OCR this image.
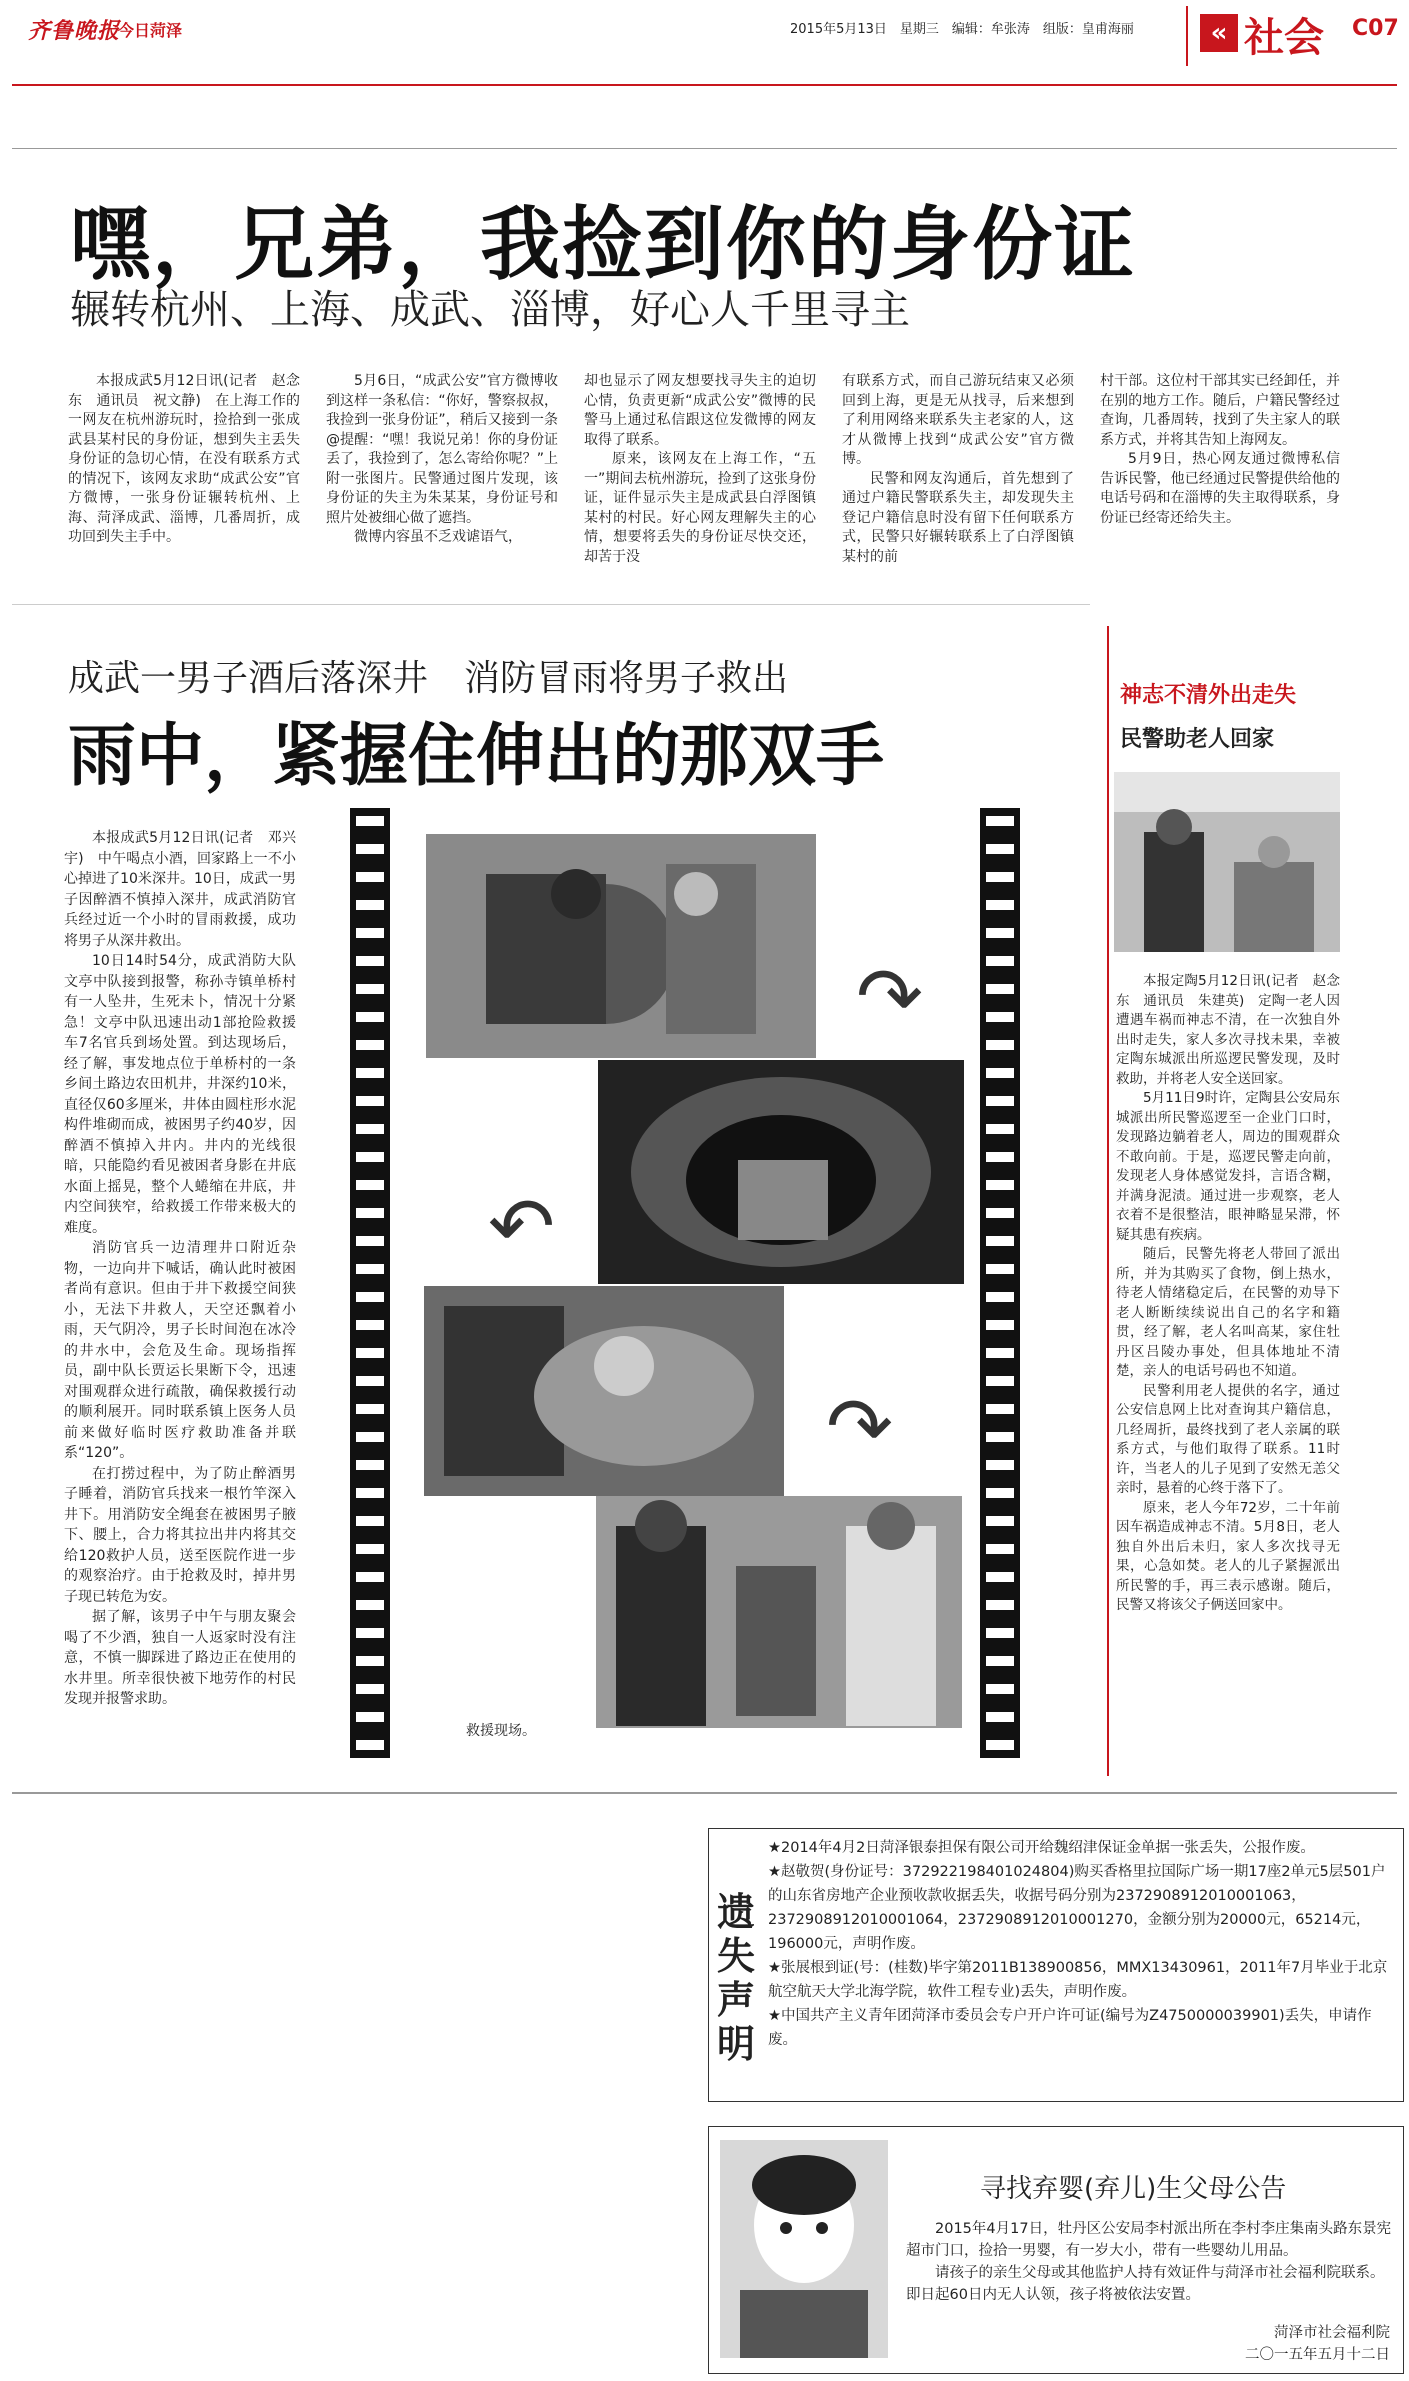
齐鲁晚报
今日菏泽	2015年5月13日　星期三　编辑：牟张涛　组版：皇甫海丽	« 社会 C07
嘿，兄弟，我捡到你的身份证
辗转杭州、上海、成武、淄博，好心人千里寻主

本报成武5月12日讯(记者　赵念东　通讯员　祝文静)　在上海工作的一网友在杭州游玩时，捡拾到一张成武县某村民的身份证，想到失主丢失身份证的急切心情，在没有联系方式的情况下，该网友求助“成武公安”官方微博，一张身份证辗转杭州、上海、菏泽成武、淄博，几番周折，成功回到失主手中。

5月6日，“成武公安”官方微博收到这样一条私信：“你好，警察叔叔，我捡到一张身份证”，稍后又接到一条@提醒：“嘿！我说兄弟！你的身份证丢了，我捡到了，怎么寄给你呢？”上附一张图片。民警通过图片发现，该身份证的失主为朱某某，身份证号和照片处被细心做了遮挡。

微博内容虽不乏戏谑语气，

却也显示了网友想要找寻失主的迫切心情，负责更新“成武公安”微博的民警马上通过私信跟这位发微博的网友取得了联系。

原来，该网友在上海工作，“五一”期间去杭州游玩，捡到了这张身份证，证件显示失主是成武县白浮图镇某村的村民。好心网友理解失主的心情，想要将丢失的身份证尽快交还，却苦于没

有联系方式，而自己游玩结束又必须回到上海，更是无从找寻，后来想到了利用网络来联系失主老家的人，这才从微博上找到“成武公安”官方微博。

民警和网友沟通后，首先想到了通过户籍民警联系失主，却发现失主登记户籍信息时没有留下任何联系方式，民警只好辗转联系上了白浮图镇某村的前

村干部。这位村干部其实已经卸任，并在别的地方工作。随后，户籍民警经过查询，几番周转，找到了失主家人的联系方式，并将其告知上海网友。

5月9日，热心网友通过微博私信告诉民警，他已经通过民警提供给他的电话号码和在淄博的失主取得联系，身份证已经寄还给失主。

成武一男子酒后落深井　消防冒雨将男子救出
雨中，紧握住伸出的那双手

本报成武5月12日讯(记者　邓兴宇)　中午喝点小酒，回家路上一不小心掉进了10米深井。10日，成武一男子因醉酒不慎掉入深井，成武消防官兵经过近一个小时的冒雨救援，成功将男子从深井救出。

10日14时54分，成武消防大队文亭中队接到报警，称孙寺镇单桥村有一人坠井，生死未卜，情况十分紧急！文亭中队迅速出动1部抢险救援车7名官兵到场处置。到达现场后，经了解，事发地点位于单桥村的一条乡间土路边农田机井，井深约10米，直径仅60多厘米，井体由圆柱形水泥构件堆砌而成，被困男子约40岁，因醉酒不慎掉入井内。井内的光线很暗，只能隐约看见被困者身影在井底水面上摇晃，整个人蜷缩在井底，井内空间狭窄，给救援工作带来极大的难度。

消防官兵一边清理井口附近杂物，一边向井下喊话，确认此时被困者尚有意识。但由于井下救援空间狭小，无法下井救人，天空还飘着小雨，天气阴冷，男子长时间泡在冰冷的井水中，会危及生命。现场指挥员，副中队长贾运长果断下令，迅速对围观群众进行疏散，确保救援行动的顺利展开。同时联系镇上医务人员前来做好临时医疗救助准备并联系“120”。

在打捞过程中，为了防止醉酒男子睡着，消防官兵找来一根竹竿深入井下。用消防安全绳套在被困男子腋下、腰上，合力将其拉出井内将其交给120救护人员，送至医院作进一步的观察治疗。由于抢救及时，掉井男子现已转危为安。

据了解，该男子中午与朋友聚会喝了不少酒，独自一人返家时没有注意，不慎一脚踩进了路边正在使用的水井里。所幸很快被下地劳作的村民发现并报警求助。

↷
↶
↷
救援现场。
神志不清外出走失
民警助老人回家

本报定陶5月12日讯(记者　赵念东　通讯员　朱建英)　定陶一老人因遭遇车祸而神志不清，在一次独自外出时走失，家人多次寻找未果，幸被定陶东城派出所巡逻民警发现，及时救助，并将老人安全送回家。

5月11日9时许，定陶县公安局东城派出所民警巡逻至一企业门口时，发现路边躺着老人，周边的围观群众不敢向前。于是，巡逻民警走向前，发现老人身体感觉发抖，言语含糊，并满身泥渍。通过进一步观察，老人衣着不是很整洁，眼神略显呆滞，怀疑其患有疾病。

随后，民警先将老人带回了派出所，并为其购买了食物，倒上热水，待老人情绪稳定后，在民警的劝导下老人断断续续说出自己的名字和籍贯，经了解，老人名叫高某，家住牡丹区吕陵办事处，但具体地址不清楚，亲人的电话号码也不知道。

民警利用老人提供的名字，通过公安信息网上比对查询其户籍信息，几经周折，最终找到了老人亲属的联系方式，与他们取得了联系。11时许，当老人的儿子见到了安然无恙父亲时，悬着的心终于落下了。

原来，老人今年72岁，二十年前因车祸造成神志不清。5月8日，老人独自外出后未归，家人多次找寻无果，心急如焚。老人的儿子紧握派出所民警的手，再三表示感谢。随后，民警又将该父子俩送回家中。

遗失声明

★2014年4月2日菏泽银泰担保有限公司开给魏绍津保证金单据一张丢失，公报作废。

★赵敬贺(身份证号：372922198401024804)购买香格里拉国际广场一期17座2单元5层501户的山东省房地产企业预收款收据丢失，收据号码分别为2372908912010001063，2372908912010001064，2372908912010001270，金额分别为20000元，65214元，196000元，声明作废。

★张展根到证(号：(桂数)毕字第2011B138900856，MMX13430961，2011年7月毕业于北京航空航天大学北海学院，软件工程专业)丢失，声明作废。

★中国共产主义青年团菏泽市委员会专户开户许可证(编号为Z4750000039901)丢失，申请作废。

寻找弃婴(弃儿)生父母公告

2015年4月17日，牡丹区公安局李村派出所在李村李庄集南头路东景宪超市门口，捡拾一男婴，有一岁大小，带有一些婴幼儿用品。

请孩子的亲生父母或其他监护人持有效证件与菏泽市社会福利院联系。即日起60日内无人认领，孩子将被依法安置。

菏泽市社会福利院
二〇一五年五月十二日
